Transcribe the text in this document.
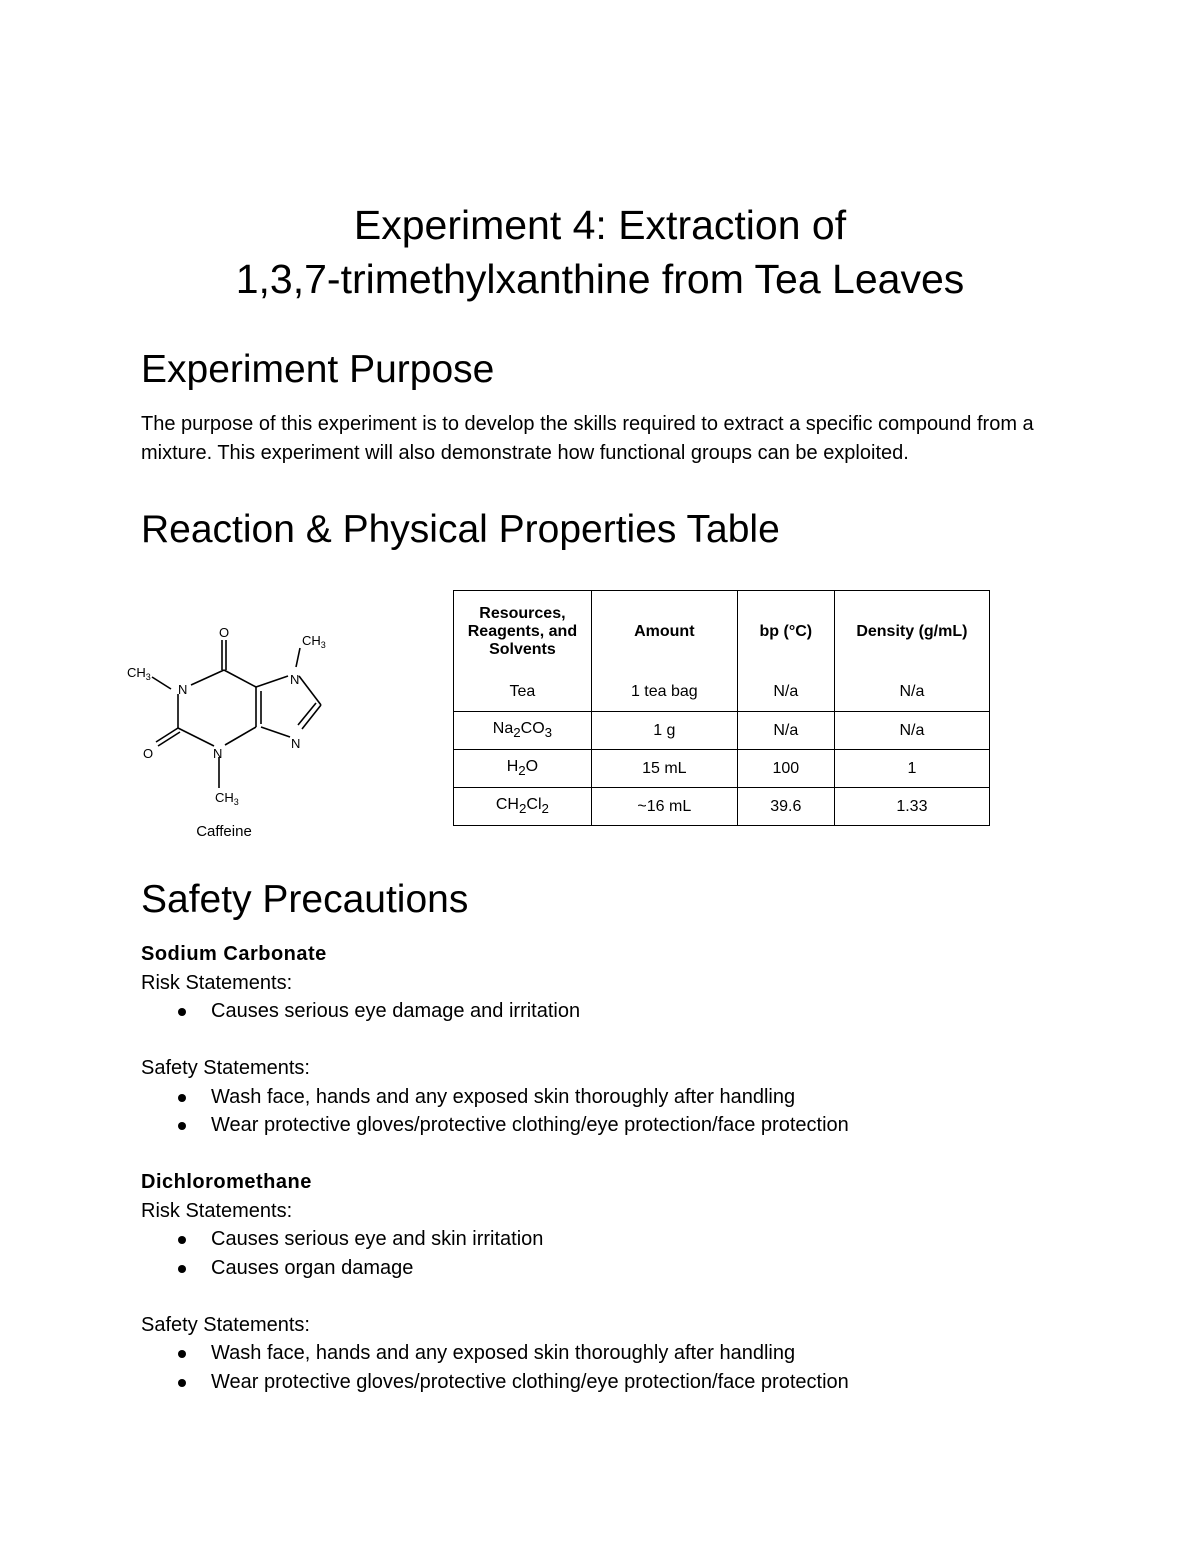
Experiment 4: Extraction of
1,3,7-trimethylxanthine from Tea Leaves
Experiment Purpose

The purpose of this experiment is to develop the skills required to extract a specific compound from a mixture. This experiment will also demonstrate how functional groups can be exploited.

Reaction & Physical Properties Table
O
N
N
N
N
O
$CH_3$
$CH_3$
$CH_3$
Caffeine
Resources, Reagents, and Solvents	Amount	bp (°C)	Density (g/mL)
Tea	1 tea bag	N/a	N/a
$Na_2CO_3$	1 g	N/a	N/a
$H_2O$	15 mL	100	1
$CH_2Cl_2$	~16 mL	39.6	1.33
Safety Precautions

Sodium Carbonate

Risk Statements:

Causes serious eye damage and irritation

Safety Statements:

Wash face, hands and any exposed skin thoroughly after handling
Wear protective gloves/protective clothing/eye protection/face protection

Dichloromethane

Risk Statements:

Causes serious eye and skin irritation
Causes organ damage

Safety Statements:

Wash face, hands and any exposed skin thoroughly after handling
Wear protective gloves/protective clothing/eye protection/face protection
